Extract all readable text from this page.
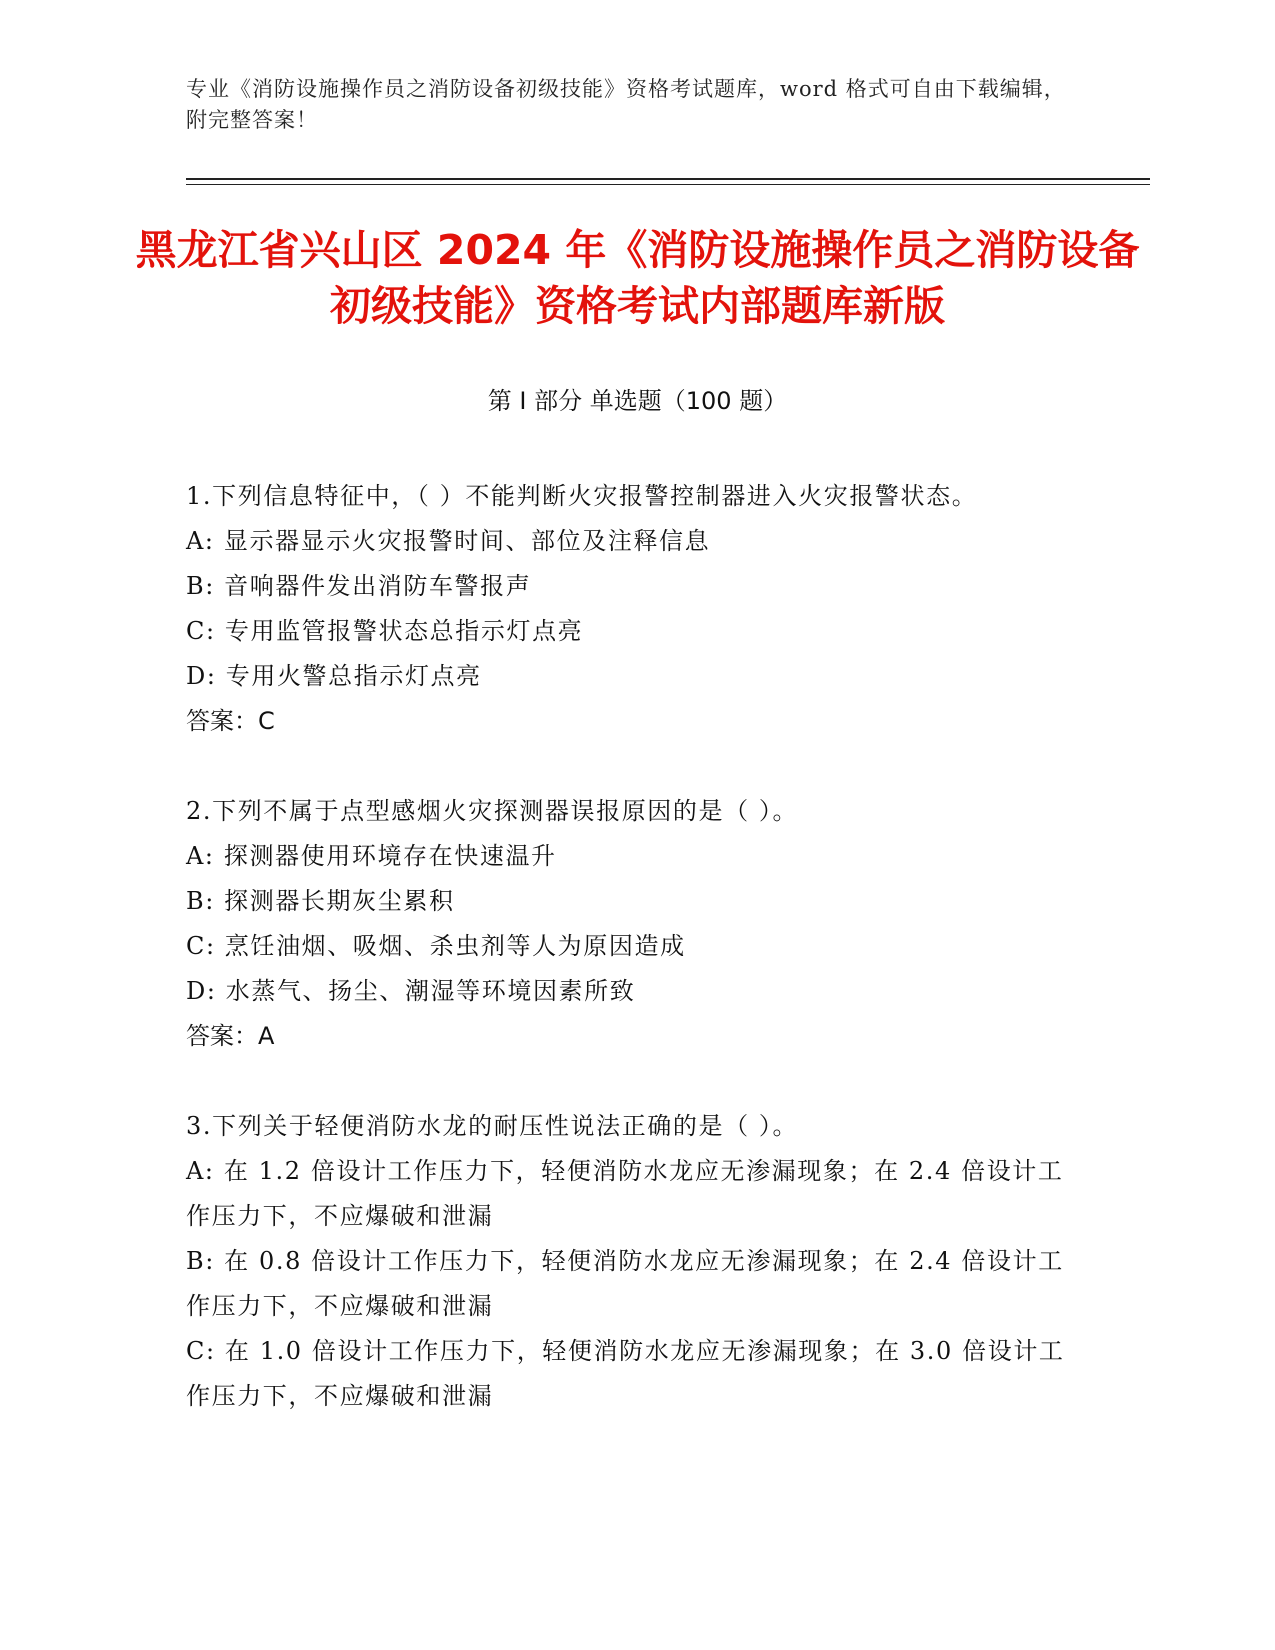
专业《消防设施操作员之消防设备初级技能》资格考试题库，word 格式可自由下载编辑，附完整答案！
黑龙江省兴山区 2024 年《消防设施操作员之消防设备初级技能》资格考试内部题库新版
第 I 部分 单选题（100 题）

1.下列信息特征中，（ ）不能判断火灾报警控制器进入火灾报警状态。

A: 显示器显示火灾报警时间、部位及注释信息

B: 音响器件发出消防车警报声

C: 专用监管报警状态总指示灯点亮

D: 专用火警总指示灯点亮

答案：C

2.下列不属于点型感烟火灾探测器误报原因的是（ ）。

A: 探测器使用环境存在快速温升

B: 探测器长期灰尘累积

C: 烹饪油烟、吸烟、杀虫剂等人为原因造成

D: 水蒸气、扬尘、潮湿等环境因素所致

答案：A

3.下列关于轻便消防水龙的耐压性说法正确的是（ ）。

A: 在 1.2 倍设计工作压力下，轻便消防水龙应无渗漏现象；在 2.4 倍设计工作压力下，不应爆破和泄漏

B: 在 0.8 倍设计工作压力下，轻便消防水龙应无渗漏现象；在 2.4 倍设计工作压力下，不应爆破和泄漏

C: 在 1.0 倍设计工作压力下，轻便消防水龙应无渗漏现象；在 3.0 倍设计工作压力下，不应爆破和泄漏
